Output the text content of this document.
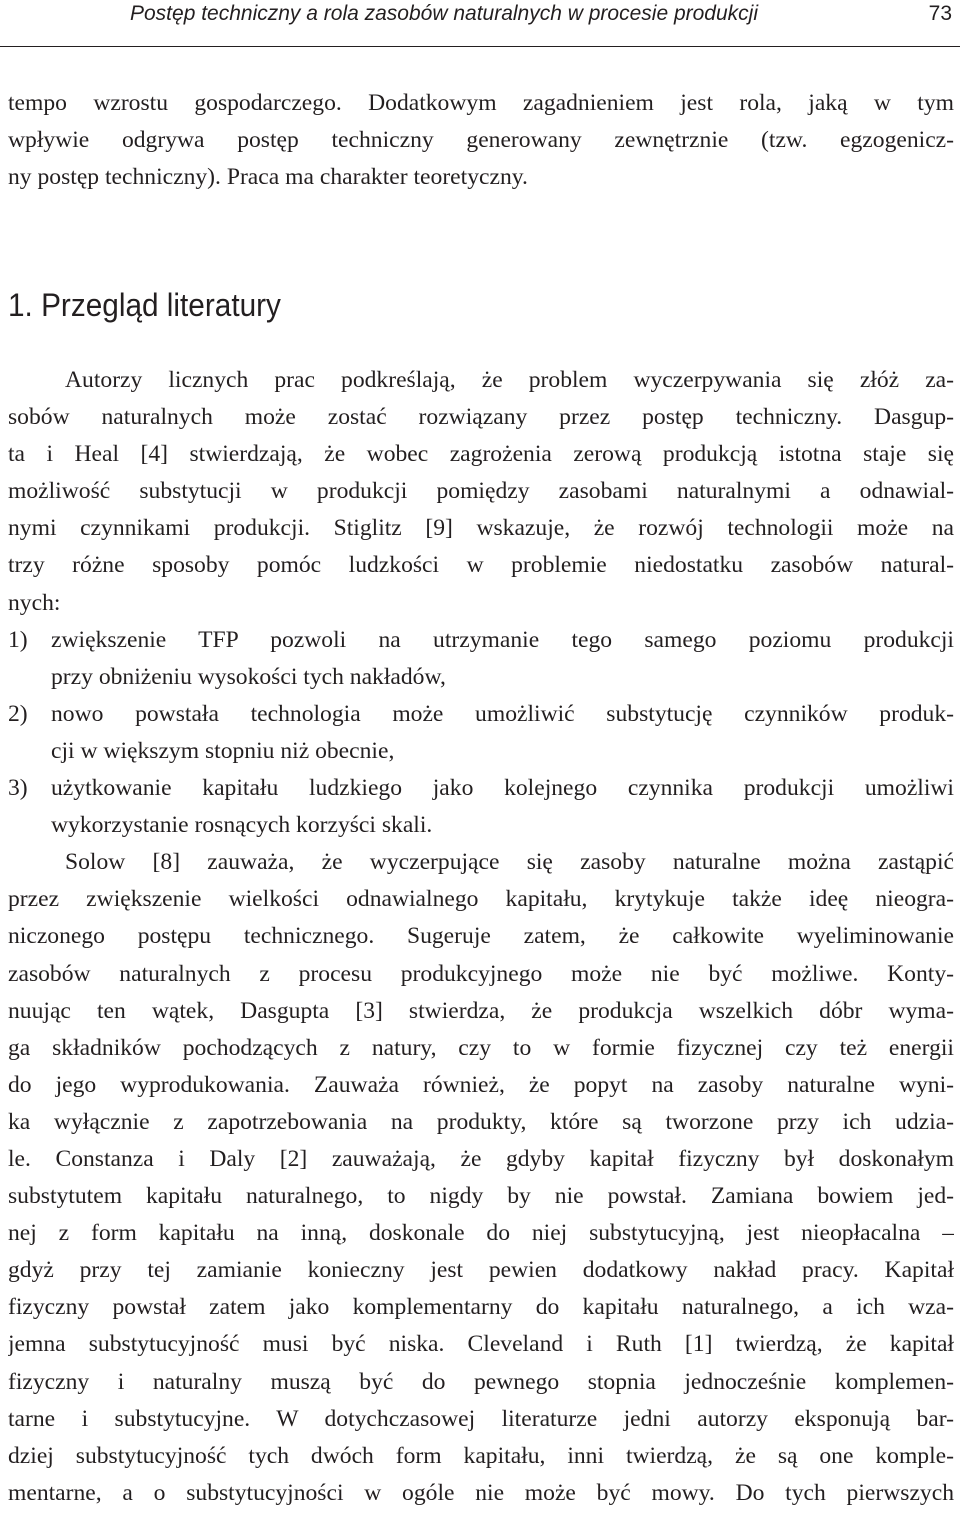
Postęp techniczny a rola zasobów naturalnych w procesie produkcji	73
tempo wzrostu gospodarczego. Dodatkowym zagadnieniem jest rola, jaką w tym
wpływie odgrywa postęp techniczny generowany zewnętrznie (tzw. egzogenicz-
ny postęp techniczny). Praca ma charakter teoretyczny.
1. Przegląd literatury
Autorzy licznych prac podkreślają, że problem wyczerpywania się złóż za-
sobów naturalnych może zostać rozwiązany przez postęp techniczny. Dasgup-
ta i Heal [4] stwierdzają, że wobec zagrożenia zerową produkcją istotna staje się
możliwość substytucji w produkcji pomiędzy zasobami naturalnymi a odnawial-
nymi czynnikami produkcji. Stiglitz [9] wskazuje, że rozwój technologii może na
trzy różne sposoby pomóc ludzkości w problemie niedostatku zasobów natural-
nych:
1) zwiększenie TFP pozwoli na utrzymanie tego samego poziomu produkcji
przy obniżeniu wysokości tych nakładów,
2) nowo powstała technologia może umożliwić substytucję czynników produk-
cji w większym stopniu niż obecnie,
3) użytkowanie kapitału ludzkiego jako kolejnego czynnika produkcji umożliwi
wykorzystanie rosnących korzyści skali.
Solow [8] zauważa, że wyczerpujące się zasoby naturalne można zastąpić
przez zwiększenie wielkości odnawialnego kapitału, krytykuje także ideę nieogra-
niczonego postępu technicznego. Sugeruje zatem, że całkowite wyeliminowanie
zasobów naturalnych z procesu produkcyjnego może nie być możliwe. Konty-
nuując ten wątek, Dasgupta [3] stwierdza, że produkcja wszelkich dóbr wyma-
ga składników pochodzących z natury, czy to w formie fizycznej czy też energii
do jego wyprodukowania. Zauważa również, że popyt na zasoby naturalne wyni-
ka wyłącznie z zapotrzebowania na produkty, które są tworzone przy ich udzia-
le. Constanza i Daly [2] zauważają, że gdyby kapitał fizyczny był doskonałym
substytutem kapitału naturalnego, to nigdy by nie powstał. Zamiana bowiem jed-
nej z form kapitału na inną, doskonale do niej substytucyjną, jest nieopłacalna –
gdyż przy tej zamianie konieczny jest pewien dodatkowy nakład pracy. Kapitał
fizyczny powstał zatem jako komplementarny do kapitału naturalnego, a ich wza-
jemna substytucyjność musi być niska. Cleveland i Ruth [1] twierdzą, że kapitał
fizyczny i naturalny muszą być do pewnego stopnia jednocześnie komplemen-
tarne i substytucyjne. W dotychczasowej literaturze jedni autorzy eksponują bar-
dziej substytucyjność tych dwóch form kapitału, inni twierdzą, że są one komple-
mentarne, a o substytucyjności w ogóle nie może być mowy. Do tych pierwszych
